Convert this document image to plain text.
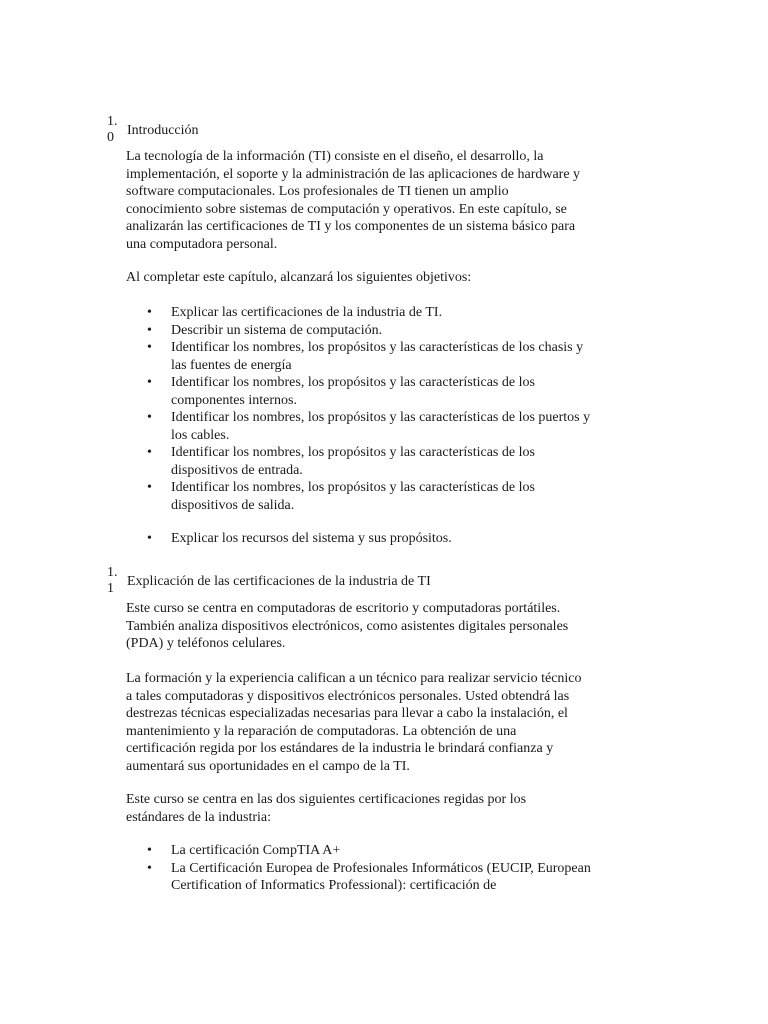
1.
0 Introducción

La tecnología de la información (TI) consiste en el diseño, el desarrollo, la implementación, el soporte y la administración de las aplicaciones de hardware y software computacionales. Los profesionales de TI tienen un amplio conocimiento sobre sistemas de computación y operativos. En este capítulo, se analizarán las certificaciones de TI y los componentes de un sistema básico para una computadora personal.

Al completar este capítulo, alcanzará los siguientes objetivos:

• Explicar las certificaciones de la industria de TI.
• Describir un sistema de computación.
• Identificar los nombres, los propósitos y las características de los chasis y las fuentes de energía
• Identificar los nombres, los propósitos y las características de los componentes internos.
• Identificar los nombres, los propósitos y las características de los puertos y los cables.
• Identificar los nombres, los propósitos y las características de los dispositivos de entrada.
• Identificar los nombres, los propósitos y las características de los dispositivos de salida.
• Explicar los recursos del sistema y sus propósitos.
1.
1 Explicación de las certificaciones de la industria de TI

Este curso se centra en computadoras de escritorio y computadoras portátiles. También analiza dispositivos electrónicos, como asistentes digitales personales (PDA) y teléfonos celulares.

La formación y la experiencia califican a un técnico para realizar servicio técnico a tales computadoras y dispositivos electrónicos personales. Usted obtendrá las destrezas técnicas especializadas necesarias para llevar a cabo la instalación, el mantenimiento y la reparación de computadoras. La obtención de una certificación regida por los estándares de la industria le brindará confianza y aumentará sus oportunidades en el campo de la TI.

Este curso se centra en las dos siguientes certificaciones regidas por los estándares de la industria:

• La certificación CompTIA A+
• La Certificación Europea de Profesionales Informáticos (EUCIP, European Certification of Informatics Professional): certificación de
